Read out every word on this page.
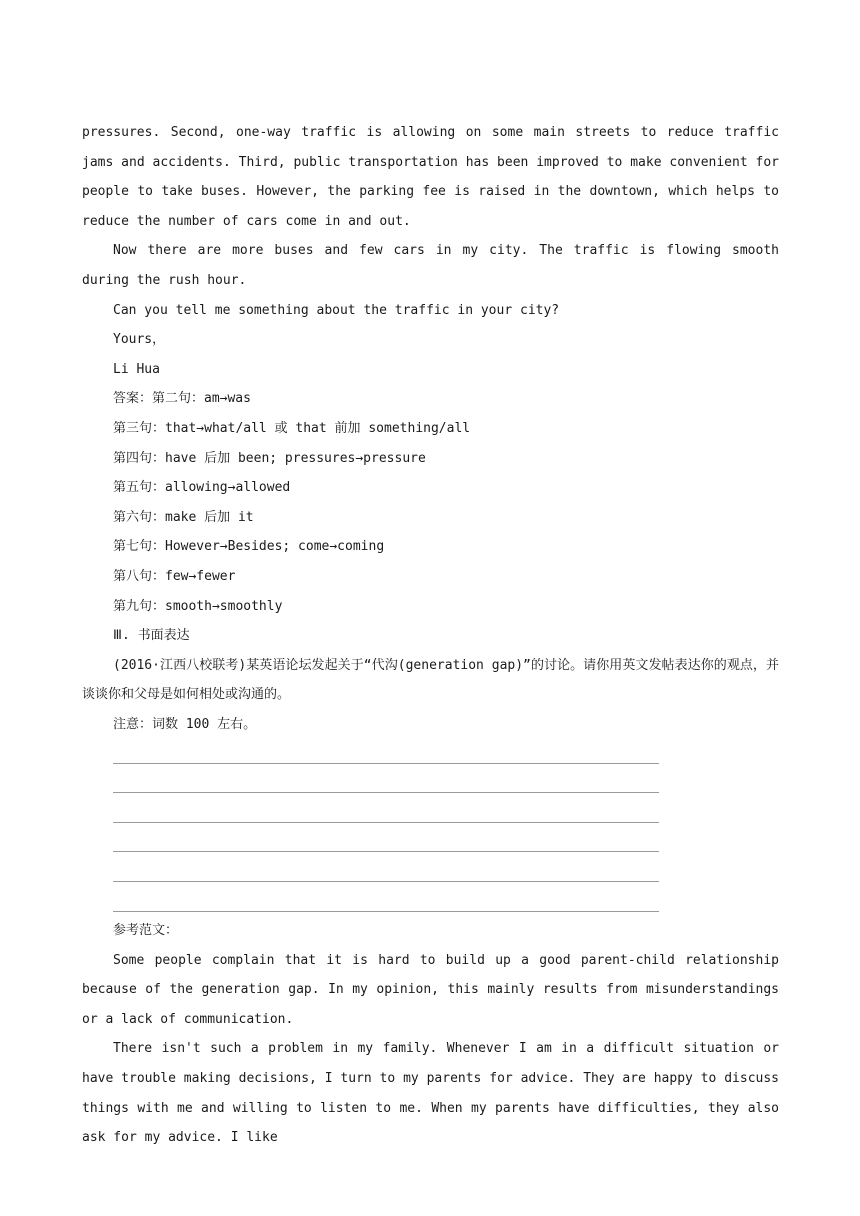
pressures. Second, one-way traffic is allowing on some main streets to reduce traffic jams and accidents. Third, public transportation has been improved to make convenient for people to take buses. However, the parking fee is raised in the downtown, which helps to reduce the number of cars come in and out.

Now there are more buses and few cars in my city. The traffic is flowing smooth during the rush hour.

Can you tell me something about the traffic in your city?

Yours，

Li Hua

答案：第二句：am→was

第三句：that→what/all 或 that 前加 something/all

第四句：have 后加 been; pressures→pressure

第五句：allowing→allowed

第六句：make 后加 it

第七句：However→Besides; come→coming

第八句：few→fewer

第九句：smooth→smoothly

Ⅲ. 书面表达

(2016·江西八校联考)某英语论坛发起关于“代沟(generation gap)”的讨论。请你用英文发帖表达你的观点，并谈谈你和父母是如何相处或沟通的。

注意：词数 100 左右。

参考范文：

Some people complain that it is hard to build up a good parent-child relationship because of the generation gap. In my opinion, this mainly results from misunderstandings or a lack of communication.

There isn't such a problem in my family. Whenever I am in a difficult situation or have trouble making decisions, I turn to my parents for advice. They are happy to discuss things with me and willing to listen to me. When my parents have difficulties, they also ask for my advice. I like
